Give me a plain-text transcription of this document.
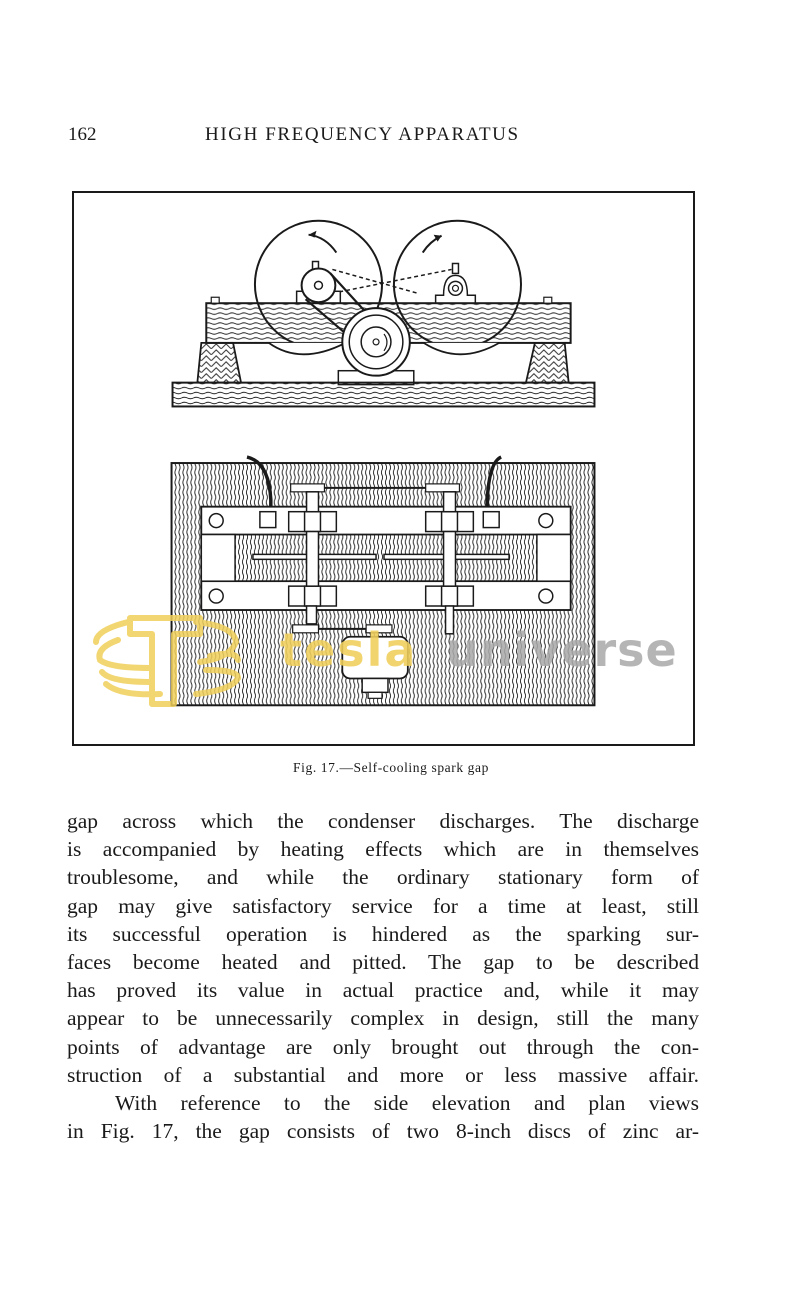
162	HIGH FREQUENCY APPARATUS
Fig. 17.—Self-cooling spark gap

gap across which the condenser discharges. The discharge
is accompanied by heating effects which are in themselves
troublesome, and while the ordinary stationary form of
gap may give satisfactory service for a time at least, still
its successful operation is hindered as the sparking sur-
faces become heated and pitted. The gap to be described
has proved its value in actual practice and, while it may
appear to be unnecessarily complex in design, still the many
points of advantage are only brought out through the con-
struction of a substantial and more or less massive affair.

With reference to the side elevation and plan views
in Fig. 17, the gap consists of two 8-inch discs of zinc ar-

tesla universe
